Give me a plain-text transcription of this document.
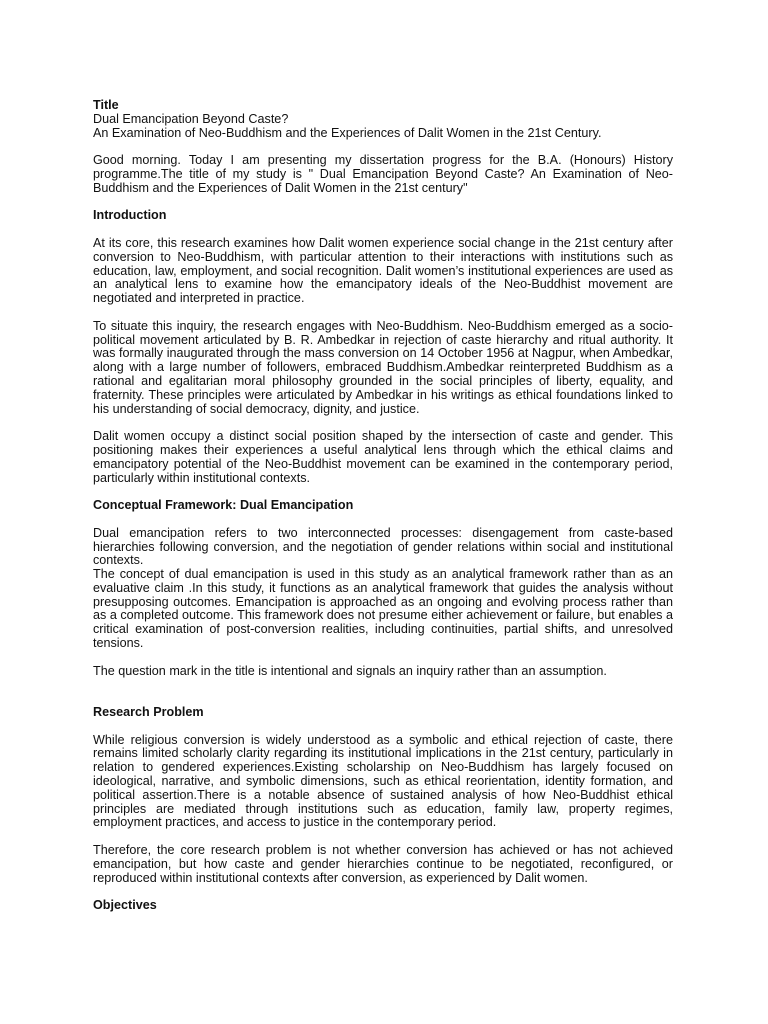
Title

Dual Emancipation Beyond Caste?

An Examination of Neo-Buddhism and the Experiences of Dalit Women in the 21st Century.

Good morning. Today I am presenting my dissertation progress for the B.A. (Honours) History programme.The title of my study is " Dual Emancipation Beyond Caste? An Examination of Neo-Buddhism and the Experiences of Dalit Women in the 21st century"

Introduction

At its core, this research examines how Dalit women experience social change in the 21st century after conversion to Neo-Buddhism, with particular attention to their interactions with institutions such as education, law, employment, and social recognition. Dalit women’s institutional experiences are used as an analytical lens to examine how the emancipatory ideals of the Neo-Buddhist movement are negotiated and interpreted in practice.

To situate this inquiry, the research engages with Neo-Buddhism. Neo-Buddhism emerged as a socio-political movement articulated by B. R. Ambedkar in rejection of caste hierarchy and ritual authority. It was formally inaugurated through the mass conversion on 14 October 1956 at Nagpur, when Ambedkar, along with a large number of followers, embraced Buddhism.Ambedkar reinterpreted Buddhism as a rational and egalitarian moral philosophy grounded in the social principles of liberty, equality, and fraternity. These principles were articulated by Ambedkar in his writings as ethical foundations linked to his understanding of social democracy, dignity, and justice.

Dalit women occupy a distinct social position shaped by the intersection of caste and gender. This positioning makes their experiences a useful analytical lens through which the ethical claims and emancipatory potential of the Neo-Buddhist movement can be examined in the contemporary period, particularly within institutional contexts.

Conceptual Framework: Dual Emancipation

Dual emancipation refers to two interconnected processes: disengagement from caste-based hierarchies following conversion, and the negotiation of gender relations within social and institutional contexts.

The concept of dual emancipation is used in this study as an analytical framework rather than as an evaluative claim .In this study, it functions as an analytical framework that guides the analysis without presupposing outcomes. Emancipation is approached as an ongoing and evolving process rather than as a completed outcome. This framework does not presume either achievement or failure, but enables a critical examination of post-conversion realities, including continuities, partial shifts, and unresolved tensions.

The question mark in the title is intentional and signals an inquiry rather than an assumption.

Research Problem

While religious conversion is widely understood as a symbolic and ethical rejection of caste, there remains limited scholarly clarity regarding its institutional implications in the 21st century, particularly in relation to gendered experiences.Existing scholarship on Neo-Buddhism has largely focused on ideological, narrative, and symbolic dimensions, such as ethical reorientation, identity formation, and political assertion.There is a notable absence of sustained analysis of how Neo-Buddhist ethical principles are mediated through institutions such as education, family law, property regimes, employment practices, and access to justice in the contemporary period.

Therefore, the core research problem is not whether conversion has achieved or has not achieved emancipation, but how caste and gender hierarchies continue to be negotiated, reconfigured, or reproduced within institutional contexts after conversion, as experienced by Dalit women.

Objectives
